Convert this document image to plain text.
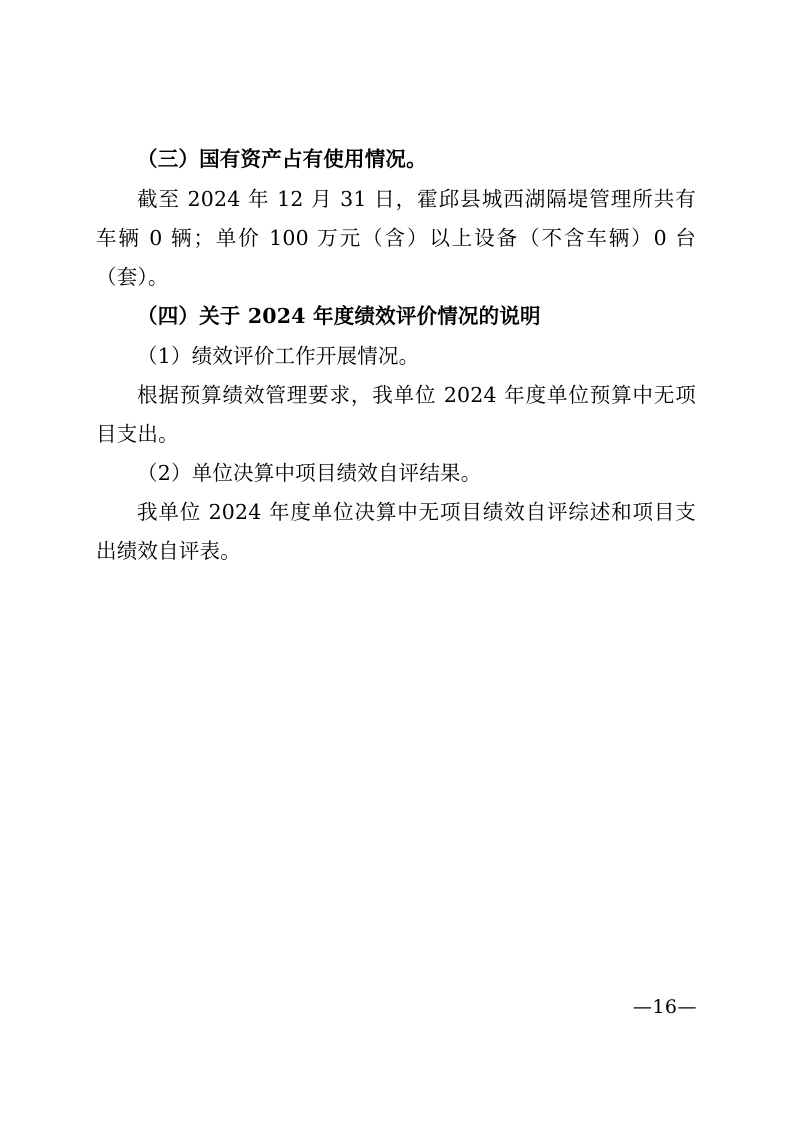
（三）国有资产占有使用情况。

截至 2024 年 12 月 31 日，霍邱县城西湖隔堤管理所共有车辆 0 辆；单价 100 万元（含）以上设备（不含车辆）0 台（套）。

（四）关于 2024 年度绩效评价情况的说明

（1）绩效评价工作开展情况。

根据预算绩效管理要求，我单位 2024 年度单位预算中无项目支出。

（2）单位决算中项目绩效自评结果。

我单位 2024 年度单位决算中无项目绩效自评综述和项目支出绩效自评表。

—16—
